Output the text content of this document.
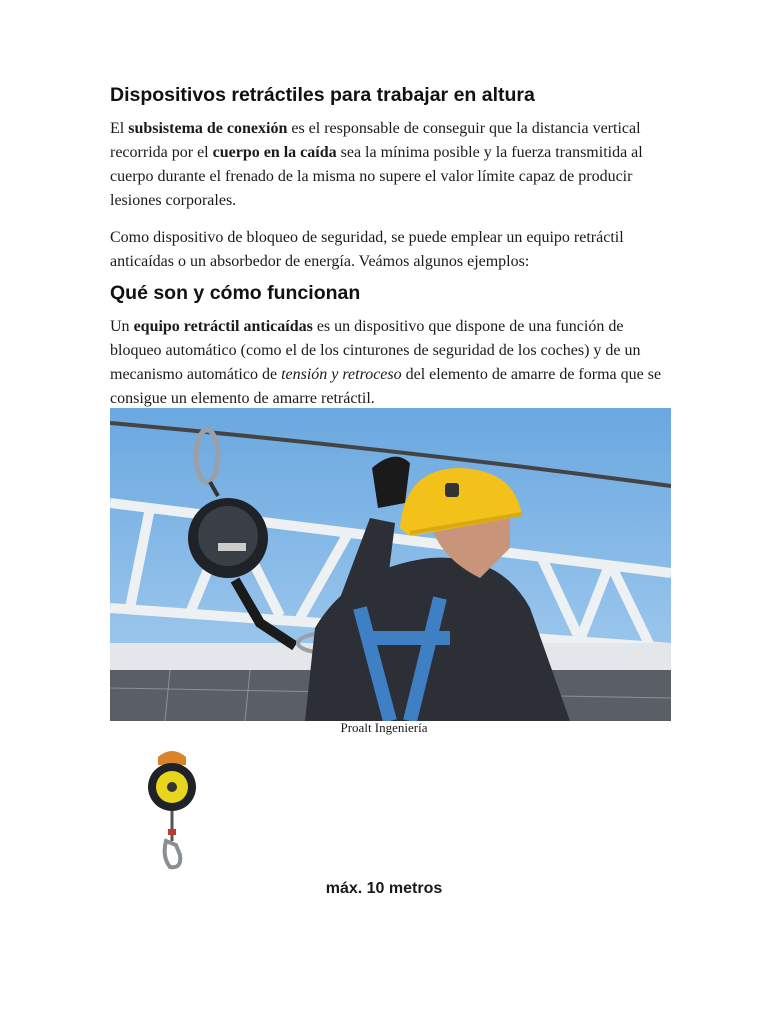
Dispositivos retráctiles para trabajar en altura

El subsistema de conexión es el responsable de conseguir que la distancia vertical recorrida por el cuerpo en la caída sea la mínima posible y la fuerza transmitida al cuerpo durante el frenado de la misma no supere el valor límite capaz de producir lesiones corporales.

Como dispositivo de bloqueo de seguridad, se puede emplear un equipo retráctil anticaídas o un absorbedor de energía. Veámos algunos ejemplos:

Qué son y cómo funcionan

Un equipo retráctil anticaídas es un dispositivo que dispone de una función de bloqueo automático (como el de los cinturones de seguridad de los coches) y de un mecanismo automático de tensión y retroceso del elemento de amarre de forma que se consigue un elemento de amarre retráctil.

Proalt Ingeniería
máx. 10 metros
